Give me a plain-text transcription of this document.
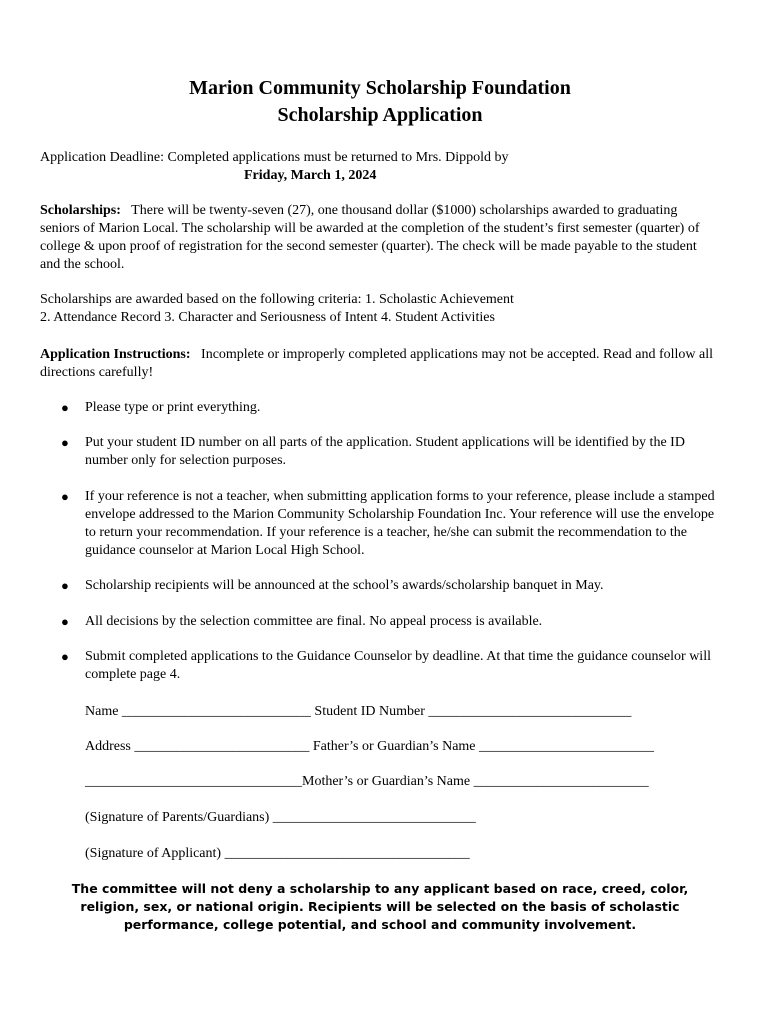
Marion Community Scholarship Foundation
Scholarship Application
Application Deadline: Completed applications must be returned to Mrs. Dippold by
Friday, March 1, 2024
Scholarships: There will be twenty-seven (27), one thousand dollar ($1000) scholarships awarded to graduating seniors of Marion Local. The scholarship will be awarded at the completion of the student’s first semester (quarter) of college & upon proof of registration for the second semester (quarter). The check will be made payable to the student and the school.
Scholarships are awarded based on the following criteria: 1. Scholastic Achievement
2. Attendance Record 3. Character and Seriousness of Intent 4. Student Activities
Application Instructions: Incomplete or improperly completed applications may not be accepted. Read and follow all directions carefully!
● Please type or print everything.
● Put your student ID number on all parts of the application. Student applications will be identified by the ID number only for selection purposes.
● If your reference is not a teacher, when submitting application forms to your reference, please include a stamped envelope addressed to the Marion Community Scholarship Foundation Inc. Your reference will use the envelope to return your recommendation. If your reference is a teacher, he/she can submit the recommendation to the guidance counselor at Marion Local High School.
● Scholarship recipients will be announced at the school’s awards/scholarship banquet in May.
● All decisions by the selection committee are final. No appeal process is available.
● Submit completed applications to the Guidance Counselor by deadline. At that time the guidance counselor will complete page 4.
Name ___________________________ Student ID Number _____________________________
Address _________________________ Father’s or Guardian’s Name _________________________
_______________________________Mother’s or Guardian’s Name _________________________
(Signature of Parents/Guardians) _____________________________
(Signature of Applicant) ___________________________________
The committee will not deny a scholarship to any applicant based on race, creed, color, religion, sex, or national origin. Recipients will be selected on the basis of scholastic performance, college potential, and school and community involvement.
